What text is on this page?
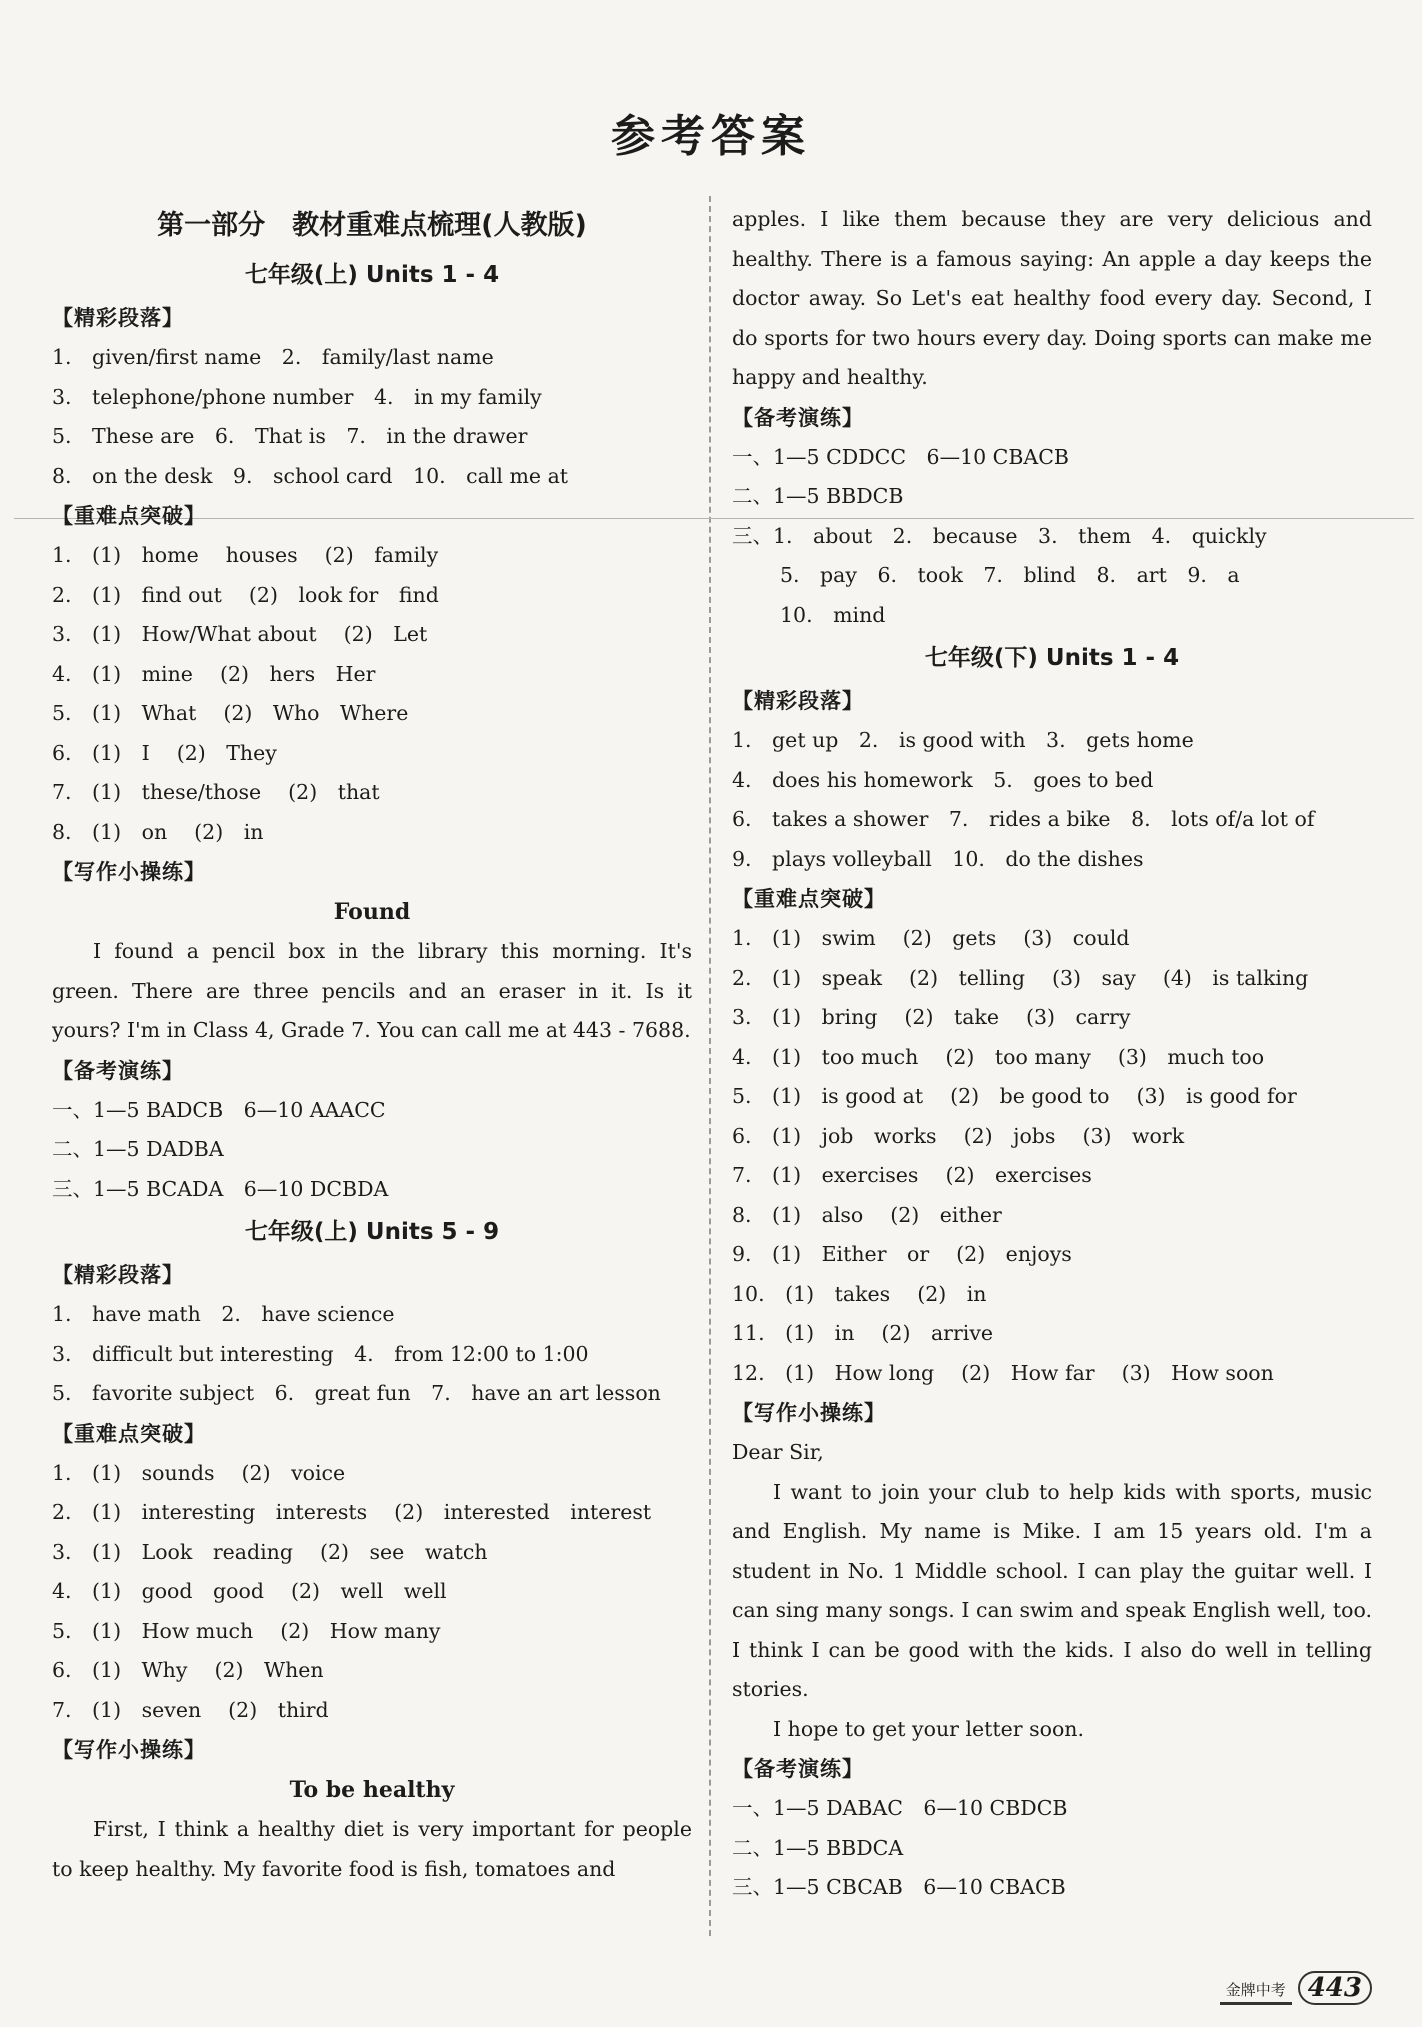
参考答案
第一部分　教材重难点梳理(人教版)
七年级(上) Units 1 - 4
【精彩段落】
1.　given/first name　2.　family/last name
3.　telephone/phone number　4.　in my family
5.　These are　6.　That is　7.　in the drawer
8.　on the desk　9.　school card　10.　call me at
【重难点突破】
1.　(1)　home　 houses　 (2)　family
2.　(1)　find out　 (2)　look for　find
3.　(1)　How/What about　 (2)　Let
4.　(1)　mine　 (2)　hers　Her
5.　(1)　What　 (2)　Who　Where
6.　(1)　I　 (2)　They
7.　(1)　these/those　 (2)　that
8.　(1)　on　 (2)　in
【写作小操练】
Found
I found a pencil box in the library this morning. It's green. There are three pencils and an eraser in it. Is it yours? I'm in Class 4, Grade 7. You can call me at 443 - 7688.
【备考演练】
一、1—5 BADCB　6—10 AAACC
二、1—5 DADBA
三、1—5 BCADA　6—10 DCBDA
七年级(上) Units 5 - 9
【精彩段落】
1.　have math　2.　have science
3.　difficult but interesting　4.　from 12:00 to 1:00
5.　favorite subject　6.　great fun　7.　have an art lesson
【重难点突破】
1.　(1)　sounds　 (2)　voice
2.　(1)　interesting　interests　 (2)　interested　interest
3.　(1)　Look　reading　 (2)　see　watch
4.　(1)　good　good　 (2)　well　well
5.　(1)　How much　 (2)　How many
6.　(1)　Why　 (2)　When
7.　(1)　seven　 (2)　third
【写作小操练】
To be healthy
First, I think a healthy diet is very important for people to keep healthy. My favorite food is fish, tomatoes and
apples. I like them because they are very delicious and healthy. There is a famous saying: An apple a day keeps the doctor away. So Let's eat healthy food every day. Second, I do sports for two hours every day. Doing sports can make me happy and healthy.
【备考演练】
一、1—5 CDDCC　6—10 CBACB
二、1—5 BBDCB
三、1.　about　2.　because　3.　them　4.　quickly
5.　pay　6.　took　7.　blind　8.　art　9.　a
10.　mind
七年级(下) Units 1 - 4
【精彩段落】
1.　get up　2.　is good with　3.　gets home
4.　does his homework　5.　goes to bed
6.　takes a shower　7.　rides a bike　8.　lots of/a lot of
9.　plays volleyball　10.　do the dishes
【重难点突破】
1.　(1)　swim　 (2)　gets　 (3)　could
2.　(1)　speak　 (2)　telling　 (3)　say　 (4)　is talking
3.　(1)　bring　 (2)　take　 (3)　carry
4.　(1)　too much　 (2)　too many　 (3)　much too
5.　(1)　is good at　 (2)　be good to　 (3)　is good for
6.　(1)　job　works　 (2)　jobs　 (3)　work
7.　(1)　exercises　 (2)　exercises
8.　(1)　also　 (2)　either
9.　(1)　Either　or　 (2)　enjoys
10.　(1)　takes　 (2)　in
11.　(1)　in　 (2)　arrive
12.　(1)　How long　 (2)　How far　 (3)　How soon
【写作小操练】
Dear Sir,
I want to join your club to help kids with sports, music and English. My name is Mike. I am 15 years old. I'm a student in No. 1 Middle school. I can play the guitar well. I can sing many songs. I can swim and speak English well, too. I think I can be good with the kids. I also do well in telling stories.
I hope to get your letter soon.
【备考演练】
一、1—5 DABAC　6—10 CBDCB
二、1—5 BBDCA
三、1—5 CBCAB　6—10 CBACB
金牌中考 443
